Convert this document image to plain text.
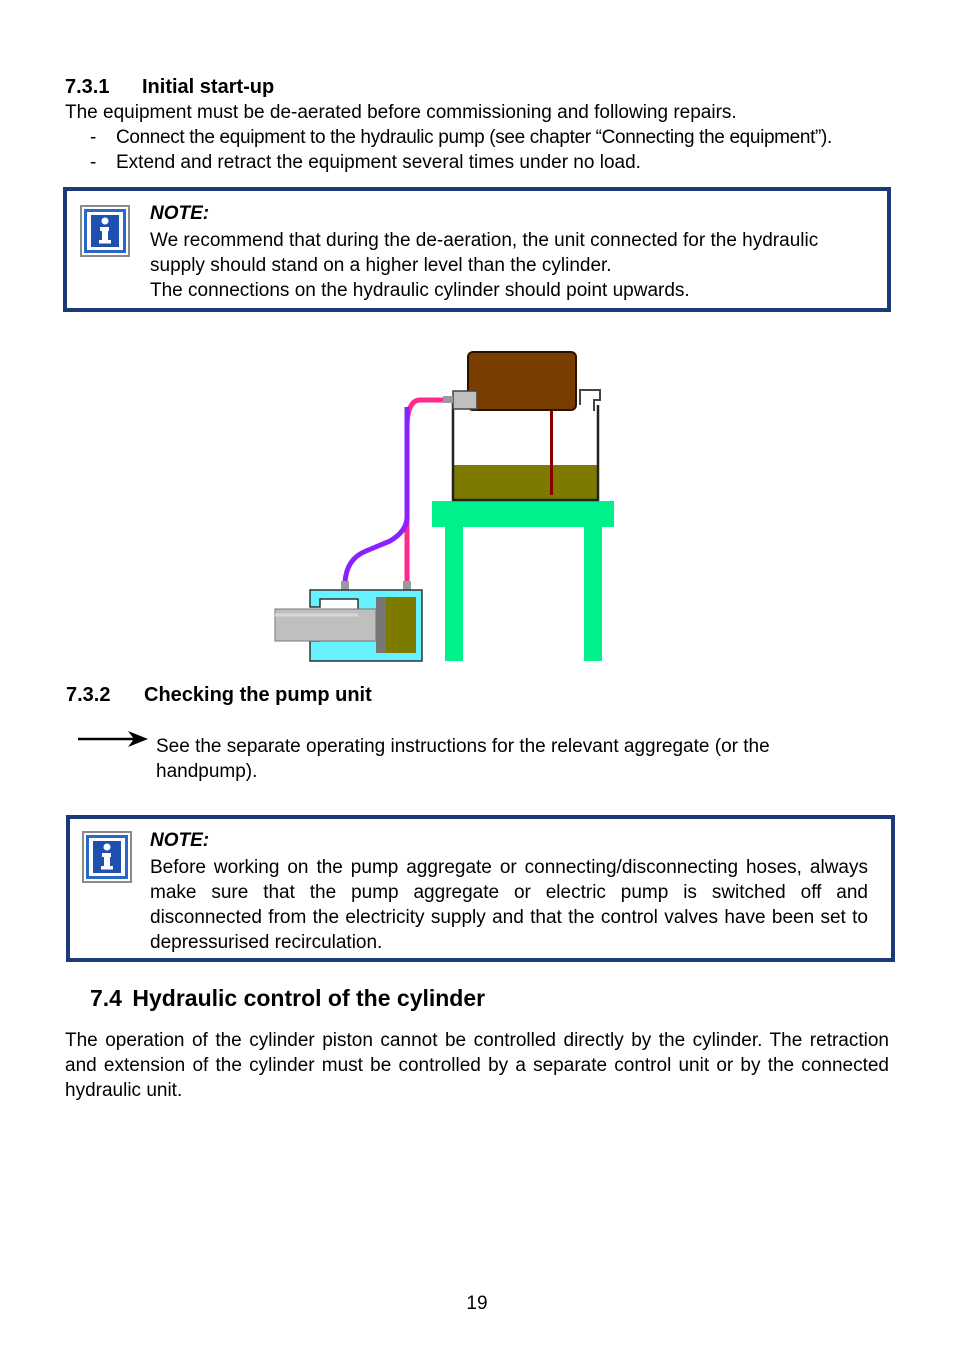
7.3.1 Initial start-up
The equipment must be de-aerated before commissioning and following repairs.
- Connect the equipment to the hydraulic pump (see chapter “Connecting the equipment”).
- Extend and retract the equipment several times under no load.
NOTE:
We recommend that during the de-aeration, the unit connected for the hydraulic
supply should stand on a higher level than the cylinder.
The connections on the hydraulic cylinder should point upwards.
7.3.2 Checking the pump unit
See the separate operating instructions for the relevant aggregate (or the handpump).
NOTE:
Before working on the pump aggregate or connecting/disconnecting hoses, always make sure that the pump aggregate or electric pump is switched off and disconnected from the electricity supply and that the control valves have been set to depressurised recirculation.
7.4 Hydraulic control of the cylinder
The operation of the cylinder piston cannot be controlled directly by the cylinder. The retraction and extension of the cylinder must be controlled by a separate control unit or by the connected hydraulic unit.
19
